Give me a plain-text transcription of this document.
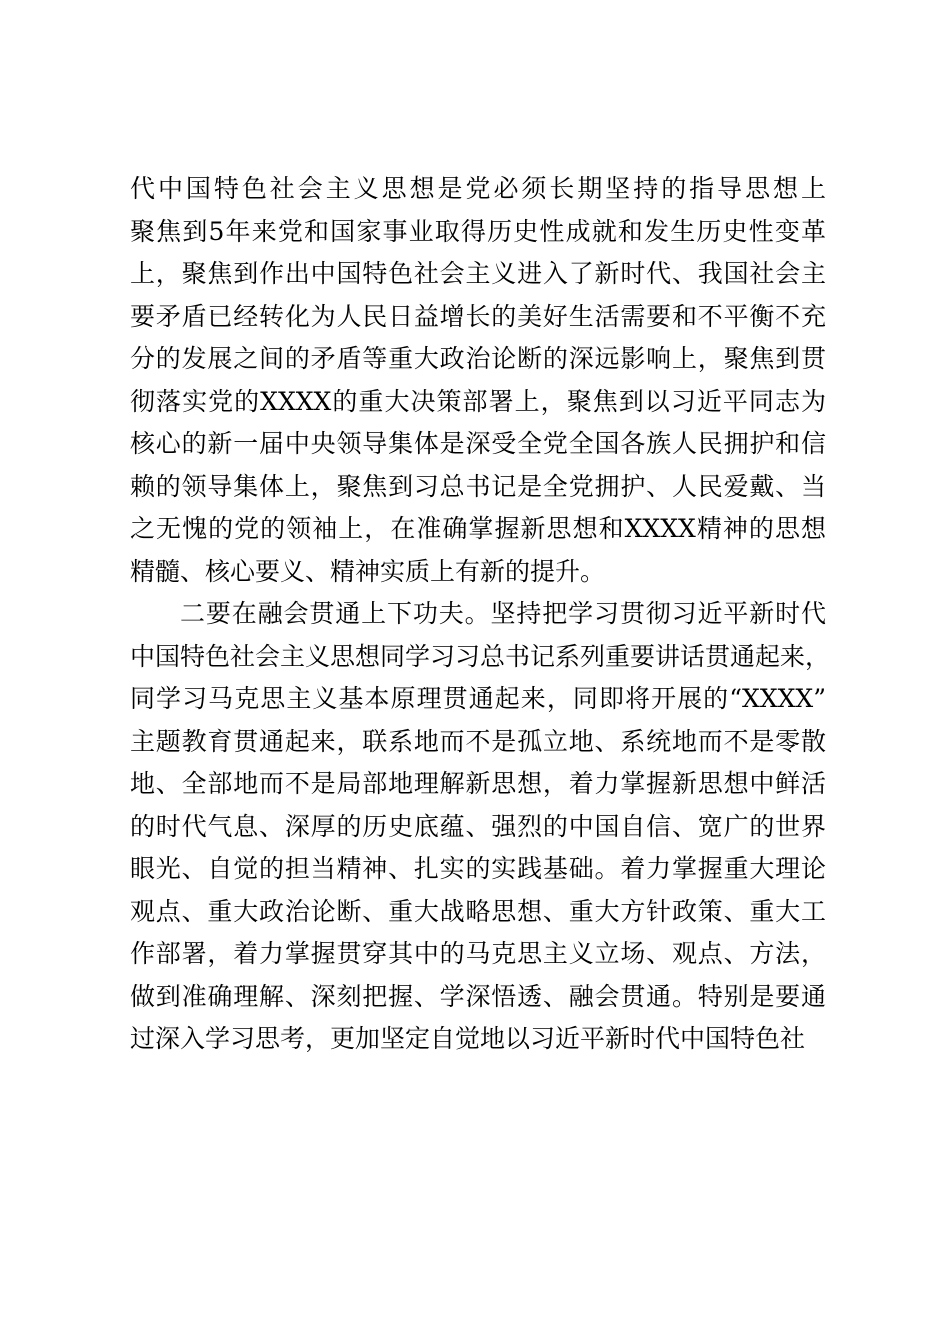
代中国特色社会主义思想是党必须长期坚持的指导思想上
聚焦到5年来党和国家事业取得历史性成就和发生历史性变革
上，聚焦到作出中国特色社会主义进入了新时代、我国社会主
要矛盾已经转化为人民日益增长的美好生活需要和不平衡不充
分的发展之间的矛盾等重大政治论断的深远影响上，聚焦到贯
彻落实党的XXXX的重大决策部署上，聚焦到以习近平同志为
核心的新一届中央领导集体是深受全党全国各族人民拥护和信
赖的领导集体上，聚焦到习总书记是全党拥护、人民爱戴、当
之无愧的党的领袖上，在准确掌握新思想和XXXX精神的思想
精髓、核心要义、精神实质上有新的提升。
二要在融会贯通上下功夫。坚持把学习贯彻习近平新时代
中国特色社会主义思想同学习习总书记系列重要讲话贯通起来，
同学习马克思主义基本原理贯通起来，同即将开展的“XXXX”
主题教育贯通起来，联系地而不是孤立地、系统地而不是零散
地、全部地而不是局部地理解新思想，着力掌握新思想中鲜活
的时代气息、深厚的历史底蕴、强烈的中国自信、宽广的世界
眼光、自觉的担当精神、扎实的实践基础。着力掌握重大理论
观点、重大政治论断、重大战略思想、重大方针政策、重大工
作部署，着力掌握贯穿其中的马克思主义立场、观点、方法，
做到准确理解、深刻把握、学深悟透、融会贯通。特别是要通
过深入学习思考，更加坚定自觉地以习近平新时代中国特色社
